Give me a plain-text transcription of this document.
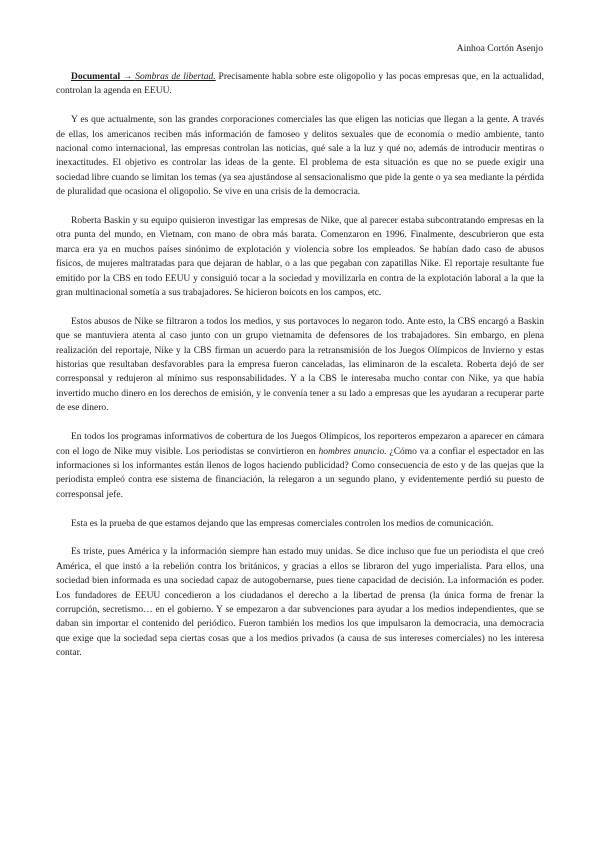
Ainhoa Cortón Asenjo

Documental → Sombras de libertad. Precisamente habla sobre este oligopolio y las pocas empresas que, en la actualidad, controlan la agenda en EEUU.

Y es que actualmente, son las grandes corporaciones comerciales las que eligen las noticias que llegan a la gente. A través de ellas, los americanos reciben más información de famoseo y delitos sexuales que de economía o medio ambiente, tanto nacional como internacional, las empresas controlan las noticias, qué sale a la luz y qué no, además de introducir mentiras o inexactitudes. El objetivo es controlar las ideas de la gente. El problema de esta situación es que no se puede exigir una sociedad libre cuando se limitan los temas (ya sea ajustándose al sensacionalismo que pide la gente o ya sea mediante la pérdida de pluralidad que ocasiona el oligopolio. Se vive en una crisis de la democracia.

Roberta Baskin y su equipo quisieron investigar las empresas de Nike, que al parecer estaba subcontratando empresas en la otra punta del mundo, en Vietnam, con mano de obra más barata. Comenzaron en 1996. Finalmente, descubrieron que esta marca era ya en muchos países sinónimo de explotación y violencia sobre los empleados. Se habían dado caso de abusos físicos, de mujeres maltratadas para que dejaran de hablar, o a las que pegaban con zapatillas Nike. El reportaje resultante fue emitido por la CBS en todo EEUU y consiguió tocar a la sociedad y movilizarla en contra de la explotación laboral a la que la gran multinacional sometía a sus trabajadores. Se hicieron boicots en los campos, etc.

Estos abusos de Nike se filtraron a todos los medios, y sus portavoces lo negaron todo. Ante esto, la CBS encargó a Baskin que se mantuviera atenta al caso junto con un grupo vietnamita de defensores de los trabajadores. Sin embargo, en plena realización del reportaje, Nike y la CBS firman un acuerdo para la retransmisión de los Juegos Olímpicos de Invierno y estas historias que resultaban desfavorables para la empresa fueron canceladas, las eliminaron de la escaleta. Roberta dejó de ser corresponsal y redujeron al mínimo sus responsabilidades. Y a la CBS le interesaba mucho contar con Nike, ya que había invertido mucho dinero en los derechos de emisión, y le convenía tener a su lado a empresas que les ayudaran a recuperar parte de ese dinero.

En todos los programas informativos de cobertura de los Juegos Olímpicos, los reporteros empezaron a aparecer en cámara con el logo de Nike muy visible. Los periodistas se convirtieron en hombres anuncio. ¿Cómo va a confiar el espectador en las informaciones si los informantes están llenos de logos haciendo publicidad? Como consecuencia de esto y de las quejas que la periodista empleó contra ese sistema de financiación, la relegaron a un segundo plano, y evidentemente perdió su puesto de corresponsal jefe.

Esta es la prueba de que estamos dejando que las empresas comerciales controlen los medios de comunicación.

Es triste, pues América y la información siempre han estado muy unidas. Se dice incluso que fue un periodista el que creó América, el que instó a la rebelión contra los británicos, y gracias a ellos se libraron del yugo imperialista. Para ellos, una sociedad bien informada es una sociedad capaz de autogobernarse, pues tiene capacidad de decisión. La información es poder. Los fundadores de EEUU concedieron a los ciudadanos el derecho a la libertad de prensa (la única forma de frenar la corrupción, secretismo… en el gobierno. Y se empezaron a dar subvenciones para ayudar a los medios independientes, que se daban sin importar el contenido del periódico. Fueron también los medios los que impulsaron la democracia, una democracia que exige que la sociedad sepa ciertas cosas que a los medios privados (a causa de sus intereses comerciales) no les interesa contar.
